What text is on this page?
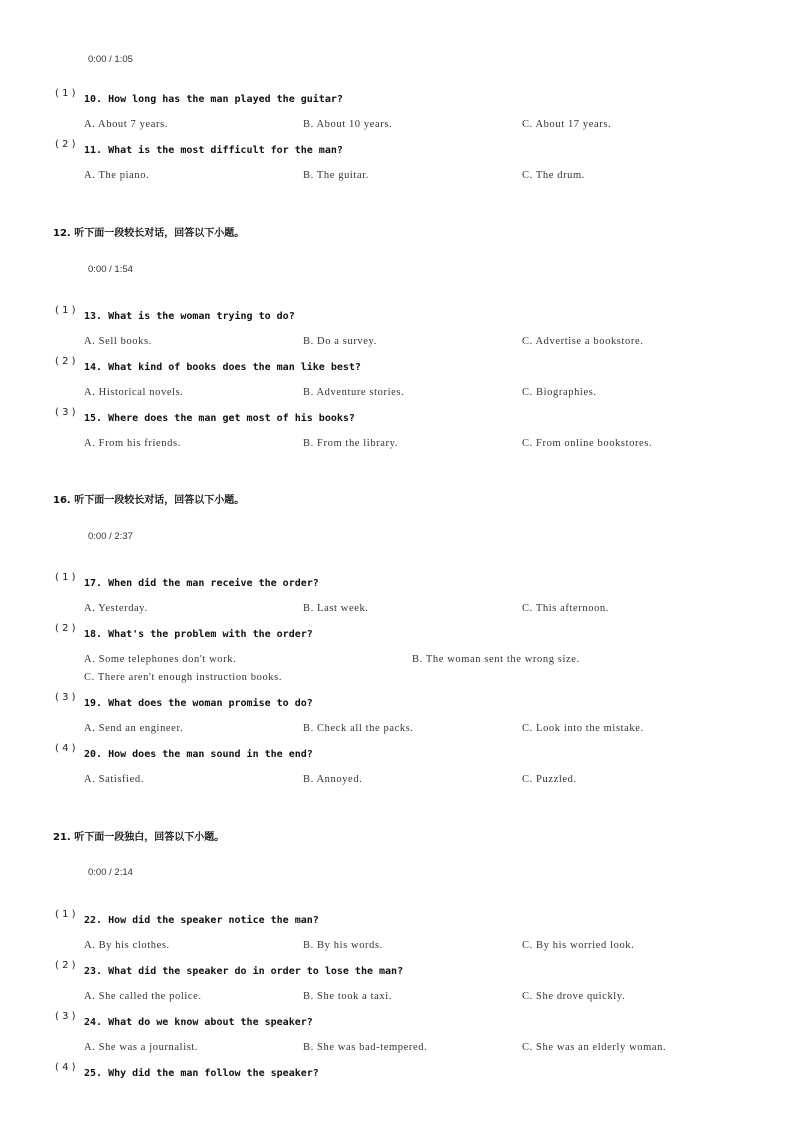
0:00 / 1:05
( 1 )
10. How long has the man played the guitar?
A. About 7 years.	B. About 10 years.	C. About 17 years.
( 2 )
11. What is the most difficult for the man?
A. The piano.	B. The guitar.	C. The drum.
12. 听下面一段较长对话，回答以下小题。
0:00 / 1:54
( 1 )
13. What is the woman trying to do?
A. Sell books.	B. Do a survey.	C. Advertise a bookstore.
( 2 )
14. What kind of books does the man like best?
A. Historical novels.	B. Adventure stories.	C. Biographies.
( 3 )
15. Where does the man get most of his books?
A. From his friends.	B. From the library.	C. From online bookstores.
16. 听下面一段较长对话，回答以下小题。
0:00 / 2:37
( 1 )
17. When did the man receive the order?
A. Yesterday.	B. Last week.	C. This afternoon.
( 2 )
18. What's the problem with the order?
A. Some telephones don't work.	B. The woman sent the wrong size.
C. There aren't enough instruction books.
( 3 )
19. What does the woman promise to do?
A. Send an engineer.	B. Check all the packs.	C. Look into the mistake.
( 4 )
20. How does the man sound in the end?
A. Satisfied.	B. Annoyed.	C. Puzzled.
21. 听下面一段独白，回答以下小题。
0:00 / 2:14
( 1 )
22. How did the speaker notice the man?
A. By his clothes.	B. By his words.	C. By his worried look.
( 2 )
23. What did the speaker do in order to lose the man?
A. She called the police.	B. She took a taxi.	C. She drove quickly.
( 3 )
24. What do we know about the speaker?
A. She was a journalist.	B. She was bad-tempered.	C. She was an elderly woman.
( 4 )
25. Why did the man follow the speaker?
